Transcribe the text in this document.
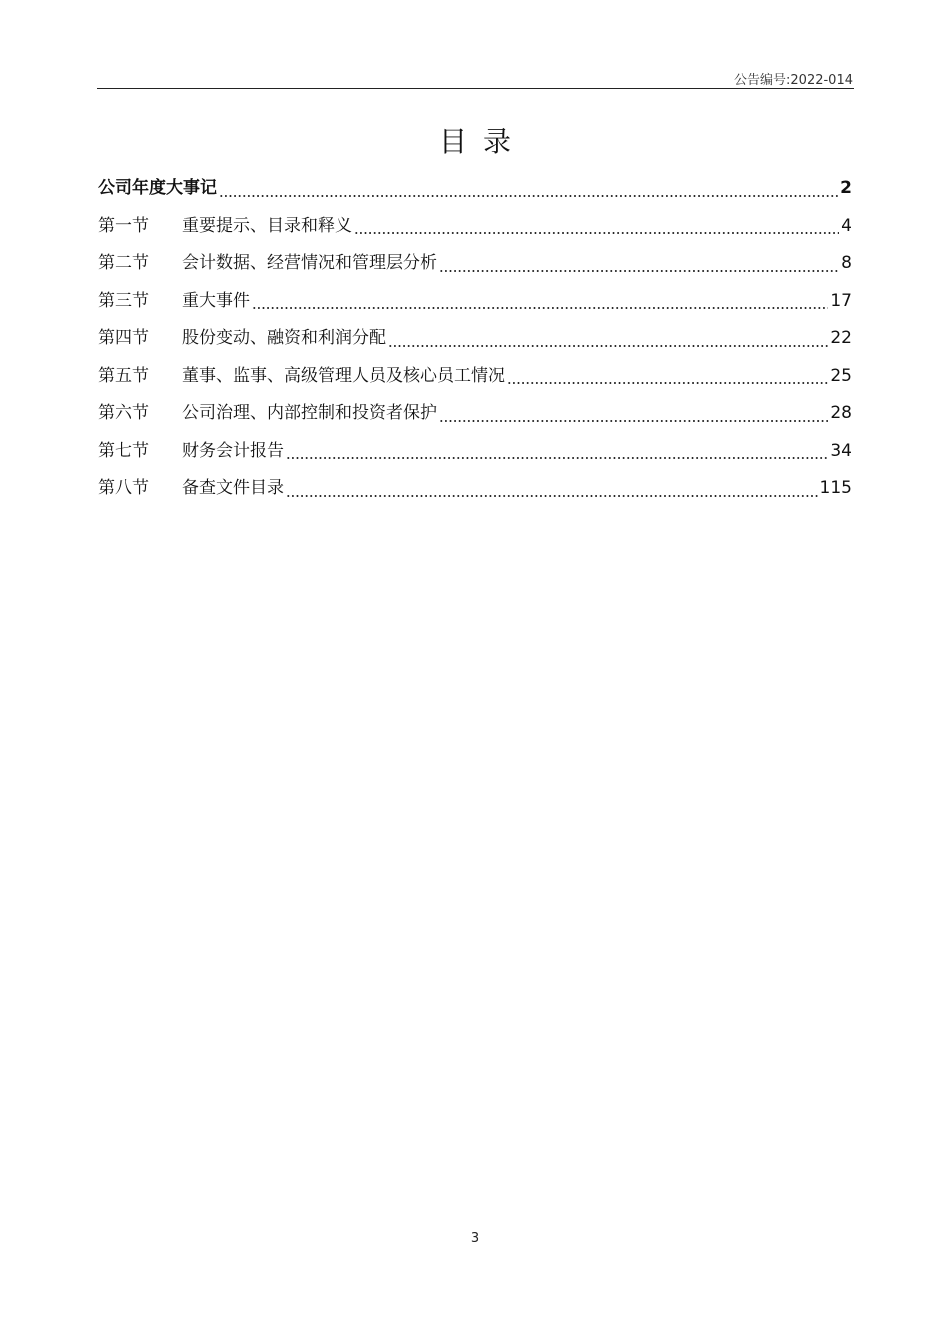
公告编号:2022-014
目录
公司年度大事记	2
第一节	重要提示、目录和释义	4
第二节	会计数据、经营情况和管理层分析	8
第三节	重大事件	17
第四节	股份变动、融资和利润分配	22
第五节	董事、监事、高级管理人员及核心员工情况	25
第六节	公司治理、内部控制和投资者保护	28
第七节	财务会计报告	34
第八节	备查文件目录	115
3
